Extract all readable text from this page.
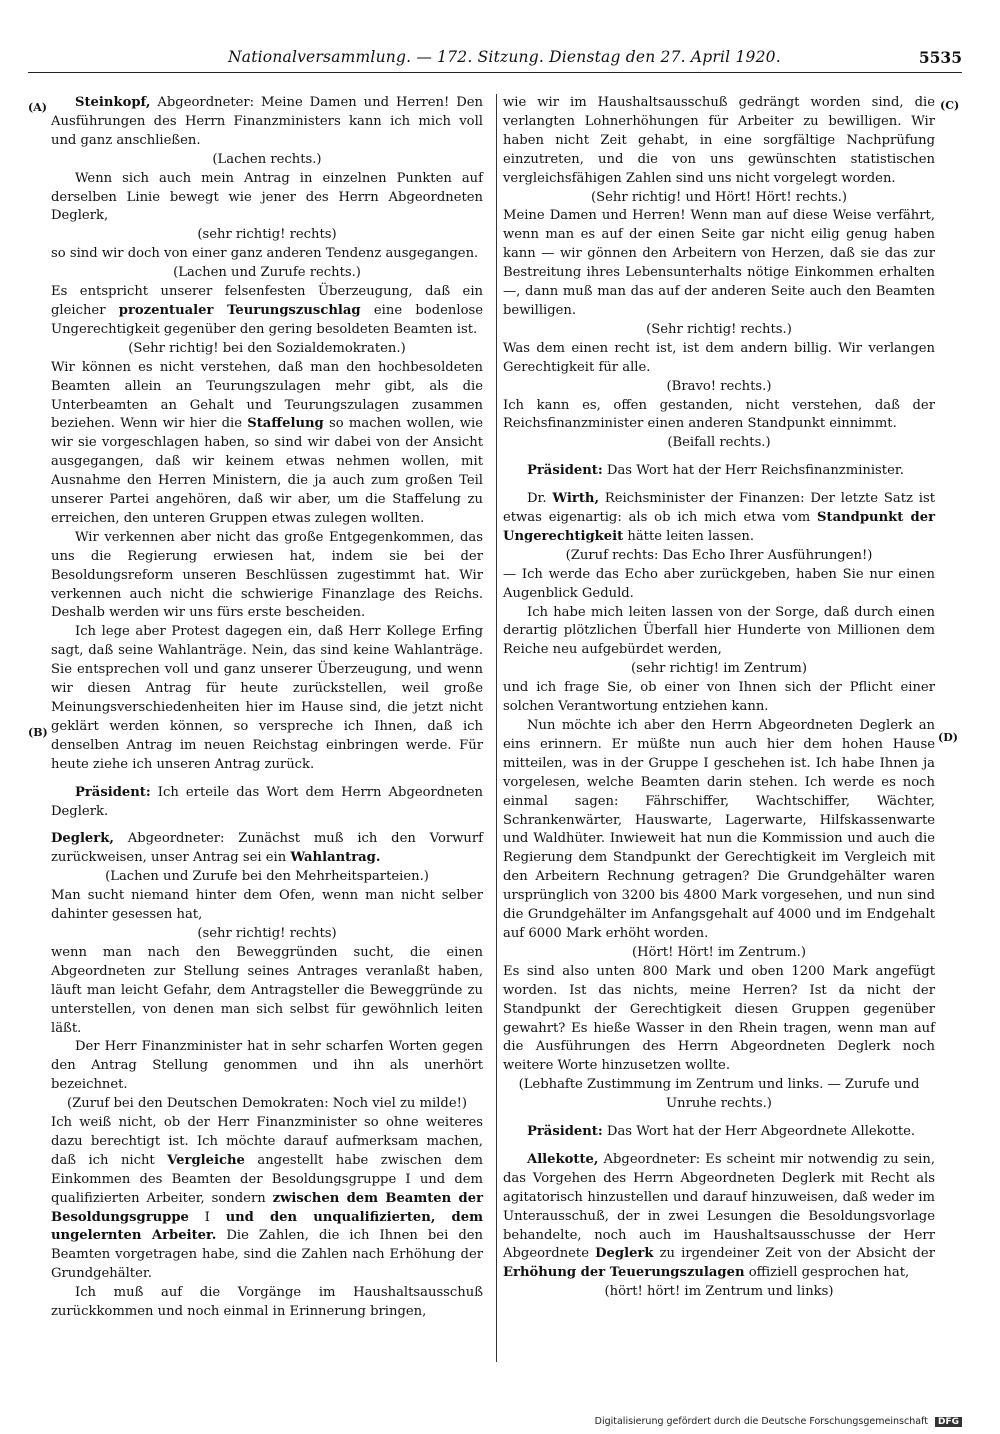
Nationalversammlung. — 172. Sitzung. Dienstag den 27. April 1920.	5535
(A)
(B)
(C)
(D)

Steinkopf, Abgeordneter: Meine Damen und Herren! Den Ausführungen des Herrn Finanzministers kann ich mich voll und ganz anschließen.

(Lachen rechts.)

Wenn sich auch mein Antrag in einzelnen Punkten auf derselben Linie bewegt wie jener des Herrn Abgeordneten Deglerk,

(sehr richtig! rechts)

so sind wir doch von einer ganz anderen Tendenz ausgegangen.

(Lachen und Zurufe rechts.)

Es entspricht unserer felsenfesten Überzeugung, daß ein gleicher prozentualer Teurungszuschlag eine bodenlose Ungerechtigkeit gegenüber den gering besoldeten Beamten ist.

(Sehr richtig! bei den Sozialdemokraten.)

Wir können es nicht verstehen, daß man den hochbesoldeten Beamten allein an Teurungszulagen mehr gibt, als die Unterbeamten an Gehalt und Teurungszulagen zusammen beziehen. Wenn wir hier die Staffelung so machen wollen, wie wir sie vorgeschlagen haben, so sind wir dabei von der Ansicht ausgegangen, daß wir keinem etwas nehmen wollen, mit Ausnahme den Herren Ministern, die ja auch zum großen Teil unserer Partei angehören, daß wir aber, um die Staffelung zu erreichen, den unteren Gruppen etwas zulegen wollten.

Wir verkennen aber nicht das große Entgegenkommen, das uns die Regierung erwiesen hat, indem sie bei der Besoldungsreform unseren Beschlüssen zugestimmt hat. Wir verkennen auch nicht die schwierige Finanzlage des Reichs. Deshalb werden wir uns fürs erste bescheiden.

Ich lege aber Protest dagegen ein, daß Herr Kollege Erfing sagt, daß seine Wahlanträge. Nein, das sind keine Wahlanträge. Sie entsprechen voll und ganz unserer Überzeugung, und wenn wir diesen Antrag für heute zurückstellen, weil große Meinungsverschiedenheiten hier im Hause sind, die jetzt nicht geklärt werden können, so verspreche ich Ihnen, daß ich denselben Antrag im neuen Reichstag einbringen werde. Für heute ziehe ich unseren Antrag zurück.

Präsident: Ich erteile das Wort dem Herrn Abgeordneten Deglerk.

Deglerk, Abgeordneter: Zunächst muß ich den Vorwurf zurückweisen, unser Antrag sei ein Wahlantrag.

(Lachen und Zurufe bei den Mehrheitsparteien.)

Man sucht niemand hinter dem Ofen, wenn man nicht selber dahinter gesessen hat,

(sehr richtig! rechts)

wenn man nach den Beweggründen sucht, die einen Abgeordneten zur Stellung seines Antrages veranlaßt haben, läuft man leicht Gefahr, dem Antragsteller die Beweggründe zu unterstellen, von denen man sich selbst für gewöhnlich leiten läßt.

Der Herr Finanzminister hat in sehr scharfen Worten gegen den Antrag Stellung genommen und ihn als unerhört bezeichnet.

(Zuruf bei den Deutschen Demokraten: Noch viel zu milde!)

Ich weiß nicht, ob der Herr Finanzminister so ohne weiteres dazu berechtigt ist. Ich möchte darauf aufmerksam machen, daß ich nicht Vergleiche angestellt habe zwischen dem Einkommen des Beamten der Besoldungsgruppe I und dem qualifizierten Arbeiter, sondern zwischen dem Beamten der Besoldungsgruppe I und den unqualifizierten, dem ungelernten Arbeiter. Die Zahlen, die ich Ihnen bei den Beamten vorgetragen habe, sind die Zahlen nach Erhöhung der Grundgehälter.

Ich muß auf die Vorgänge im Haushaltsausschuß zurückkommen und noch einmal in Erinnerung bringen,

wie wir im Haushaltsausschuß gedrängt worden sind, die verlangten Lohnerhöhungen für Arbeiter zu bewilligen. Wir haben nicht Zeit gehabt, in eine sorgfältige Nachprüfung einzutreten, und die von uns gewünschten statistischen vergleichsfähigen Zahlen sind uns nicht vorgelegt worden.

(Sehr richtig! und Hört! Hört! rechts.)

Meine Damen und Herren! Wenn man auf diese Weise verfährt, wenn man es auf der einen Seite gar nicht eilig genug haben kann — wir gönnen den Arbeitern von Herzen, daß sie das zur Bestreitung ihres Lebensunterhalts nötige Einkommen erhalten —, dann muß man das auf der anderen Seite auch den Beamten bewilligen.

(Sehr richtig! rechts.)

Was dem einen recht ist, ist dem andern billig. Wir verlangen Gerechtigkeit für alle.

(Bravo! rechts.)

Ich kann es, offen gestanden, nicht verstehen, daß der Reichsfinanzminister einen anderen Standpunkt einnimmt.

(Beifall rechts.)

Präsident: Das Wort hat der Herr Reichsfinanzminister.

Dr. Wirth, Reichsminister der Finanzen: Der letzte Satz ist etwas eigenartig: als ob ich mich etwa vom Standpunkt der Ungerechtigkeit hätte leiten lassen.

(Zuruf rechts: Das Echo Ihrer Ausführungen!)

— Ich werde das Echo aber zurückgeben, haben Sie nur einen Augenblick Geduld.

Ich habe mich leiten lassen von der Sorge, daß durch einen derartig plötzlichen Überfall hier Hunderte von Millionen dem Reiche neu aufgebürdet werden,

(sehr richtig! im Zentrum)

und ich frage Sie, ob einer von Ihnen sich der Pflicht einer solchen Verantwortung entziehen kann.

Nun möchte ich aber den Herrn Abgeordneten Deglerk an eins erinnern. Er müßte nun auch hier dem hohen Hause mitteilen, was in der Gruppe I geschehen ist. Ich habe Ihnen ja vorgelesen, welche Beamten darin stehen. Ich werde es noch einmal sagen: Fährschiffer, Wachtschiffer, Wächter, Schrankenwärter, Hauswarte, Lagerwarte, Hilfskassenwarte und Waldhüter. Inwieweit hat nun die Kommission und auch die Regierung dem Standpunkt der Gerechtigkeit im Vergleich mit den Arbeitern Rechnung getragen? Die Grundgehälter waren ursprünglich von 3200 bis 4800 Mark vorgesehen, und nun sind die Grundgehälter im Anfangsgehalt auf 4000 und im Endgehalt auf 6000 Mark erhöht worden.

(Hört! Hört! im Zentrum.)

Es sind also unten 800 Mark und oben 1200 Mark angefügt worden. Ist das nichts, meine Herren? Ist da nicht der Standpunkt der Gerechtigkeit diesen Gruppen gegenüber gewahrt? Es hieße Wasser in den Rhein tragen, wenn man auf die Ausführungen des Herrn Abgeordneten Deglerk noch weitere Worte hinzusetzen wollte.

(Lebhafte Zustimmung im Zentrum und links. — Zurufe und Unruhe rechts.)

Präsident: Das Wort hat der Herr Abgeordnete Allekotte.

Allekotte, Abgeordneter: Es scheint mir notwendig zu sein, das Vorgehen des Herrn Abgeordneten Deglerk mit Recht als agitatorisch hinzustellen und darauf hinzuweisen, daß weder im Unterausschuß, der in zwei Lesungen die Besoldungsvorlage behandelte, noch auch im Haushaltsausschusse der Herr Abgeordnete Deglerk zu irgendeiner Zeit von der Absicht der Erhöhung der Teuerungszulagen offiziell gesprochen hat,

(hört! hört! im Zentrum und links)

Digitalisierung gefördert durch die Deutsche Forschungsgemeinschaft DFG
